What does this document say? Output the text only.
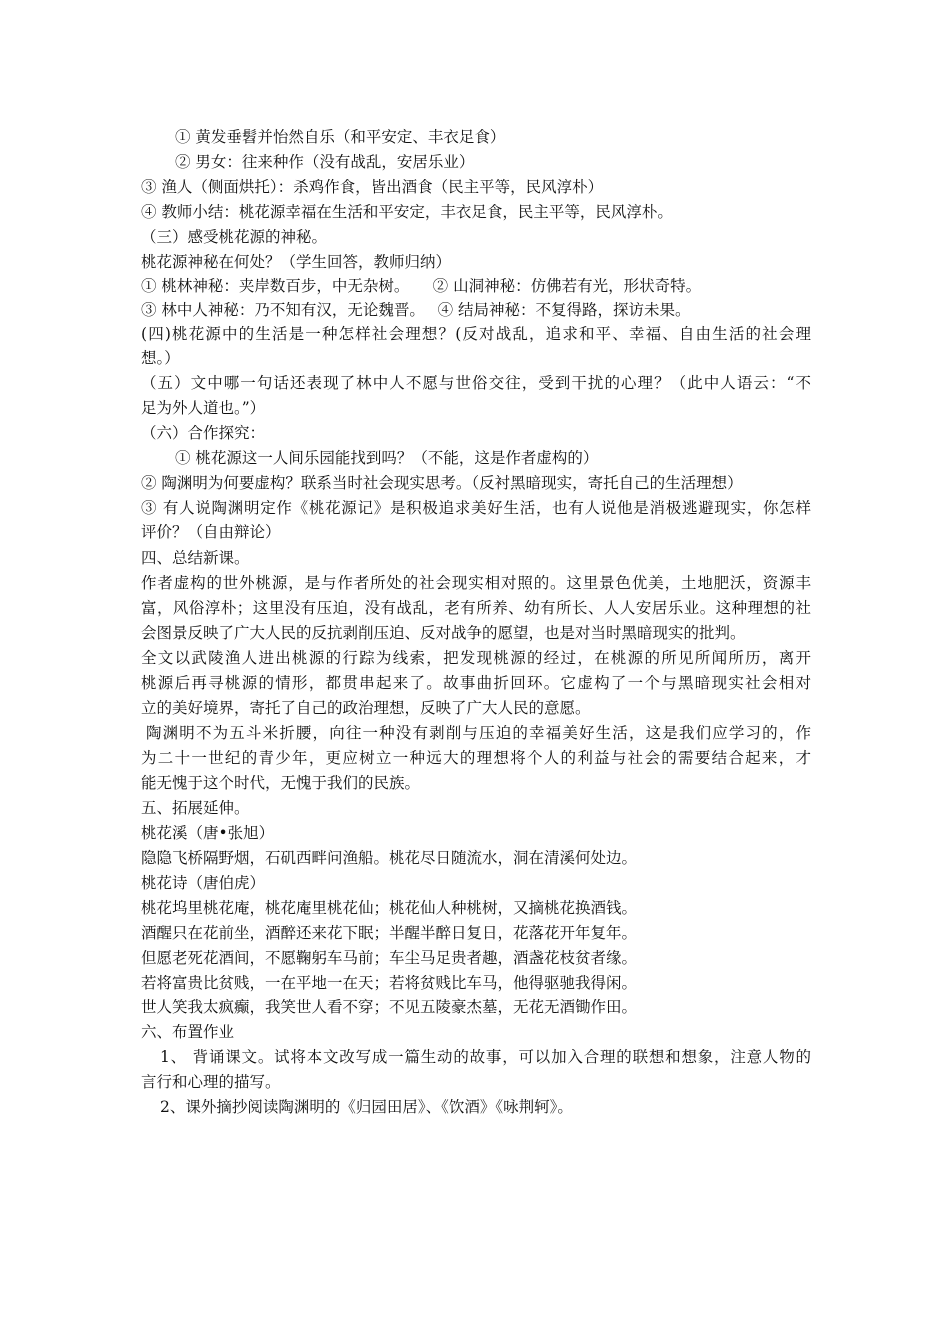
① 黄发垂髫并怡然自乐（和平安定、丰衣足食）
② 男女：往来种作（没有战乱，安居乐业）
③ 渔人（侧面烘托）：杀鸡作食，皆出酒食（民主平等，民风淳朴）
④ 教师小结：桃花源幸福在生活和平安定，丰衣足食，民主平等，民风淳朴。
（三）感受桃花源的神秘。
桃花源神秘在何处？（学生回答，教师归纳）
① 桃林神秘：夹岸数百步，中无杂树。　　② 山洞神秘：仿佛若有光，形状奇特。
③ 林中人神秘：乃不知有汉，无论魏晋。　 ④ 结局神秘：不复得路，探访未果。
(四)桃花源中的生活是一种怎样社会理想？(反对战乱，追求和平、幸福、自由生活的社会理
想。）
（五）文中哪一句话还表现了林中人不愿与世俗交往，受到干扰的心理？（此中人语云：“不
足为外人道也。”）
（六）合作探究：
① 桃花源这一人间乐园能找到吗？（不能，这是作者虚构的）
② 陶渊明为何要虚构？联系当时社会现实思考。（反衬黑暗现实，寄托自己的生活理想）
③ 有人说陶渊明定作《桃花源记》是积极追求美好生活，也有人说他是消极逃避现实，你怎样
评价？（自由辩论）
四、总结新课。
作者虚构的世外桃源，是与作者所处的社会现实相对照的。这里景色优美，土地肥沃，资源丰
富，风俗淳朴；这里没有压迫，没有战乱，老有所养、幼有所长、人人安居乐业。这种理想的社
会图景反映了广大人民的反抗剥削压迫、反对战争的愿望，也是对当时黑暗现实的批判。
全文以武陵渔人进出桃源的行踪为线索，把发现桃源的经过，在桃源的所见所闻所历，离开
桃源后再寻桃源的情形，都贯串起来了。故事曲折回环。它虚构了一个与黑暗现实社会相对
立的美好境界，寄托了自己的政治理想，反映了广大人民的意愿。
陶渊明不为五斗米折腰，向往一种没有剥削与压迫的幸福美好生活，这是我们应学习的，作
为二十一世纪的青少年，更应树立一种远大的理想将个人的利益与社会的需要结合起来，才
能无愧于这个时代，无愧于我们的民族。
五、拓展延伸。
桃花溪（唐•张旭）
隐隐飞桥隔野烟，石矶西畔问渔船。桃花尽日随流水，洞在清溪何处边。
桃花诗（唐伯虎）
桃花坞里桃花庵，桃花庵里桃花仙；桃花仙人种桃树，又摘桃花换酒钱。
酒醒只在花前坐，酒醉还来花下眠；半醒半醉日复日，花落花开年复年。
但愿老死花酒间，不愿鞠躬车马前；车尘马足贵者趣，酒盏花枝贫者缘。
若将富贵比贫贱，一在平地一在天；若将贫贱比车马，他得驱驰我得闲。
世人笑我太疯癫，我笑世人看不穿；不见五陵豪杰墓，无花无酒锄作田。
六、布置作业
1、 背诵课文。试将本文改写成一篇生动的故事，可以加入合理的联想和想象，注意人物的
言行和心理的描写。
2、课外摘抄阅读陶渊明的《归园田居》、《饮酒》《咏荆轲》。
